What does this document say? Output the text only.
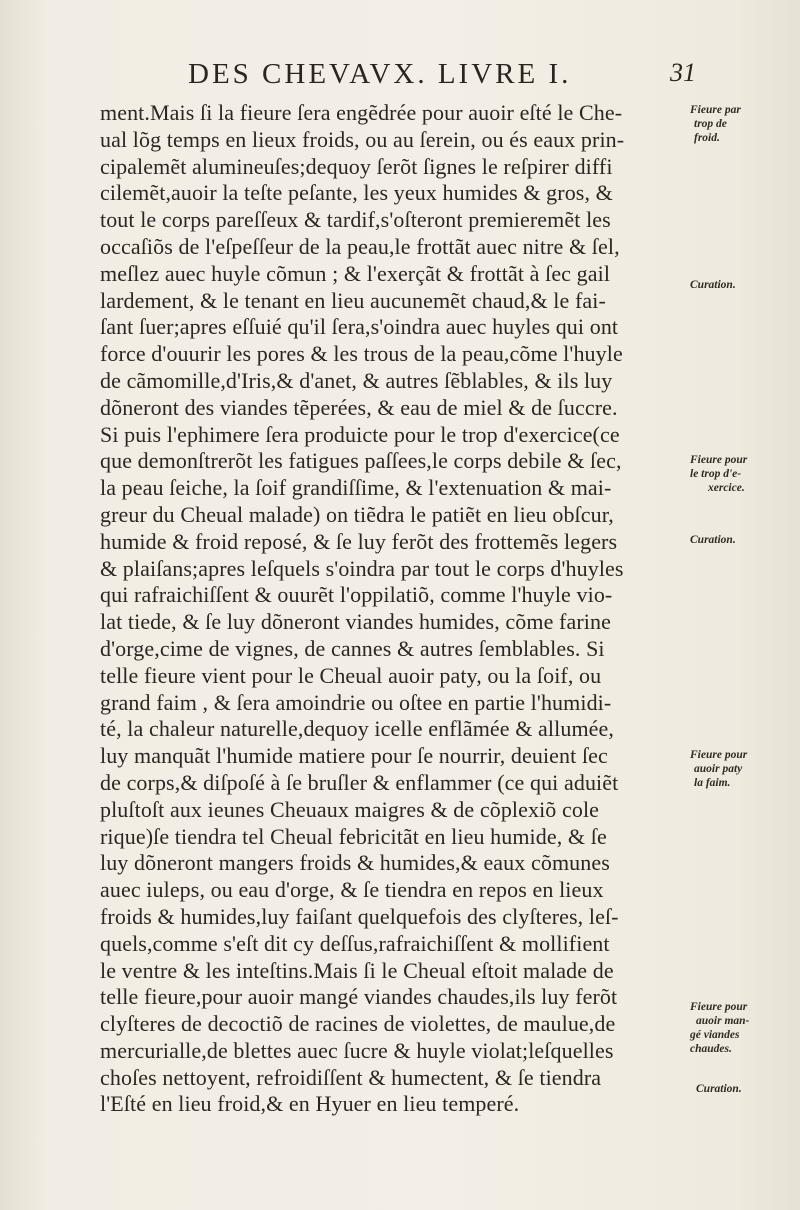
DES CHEVAVX. LIVRE I.	31
ment.Mais ſi la fieure ſera engẽdrée pour auoir eſté le Che-
ual lõg temps en lieux froids, ou au ſerein, ou és eaux prin-
cipalemẽt alumineuſes;dequoy ſerõt ſignes le reſpirer diffi
cilemẽt,auoir la teſte peſante, les yeux humides & gros, &
tout le corps pareſſeux & tardif,s'oſteront premieremẽt les
occaſiõs de l'eſpeſſeur de la peau,le frottãt auec nitre & ſel,
meſlez auec huyle cõmun ; & l'exerçãt & frottãt à ſec gail
lardement, & le tenant en lieu aucunemẽt chaud,& le fai-
ſant ſuer;apres eſſuié qu'il ſera,s'oindra auec huyles qui ont
force d'ouurir les pores & les trous de la peau,cõme l'huyle
de cãmomille,d'Iris,& d'anet, & autres ſẽblables, & ils luy
dõneront des viandes tẽperées, & eau de miel & de ſuccre.
Si puis l'ephimere ſera produicte pour le trop d'exercice(ce
que demonſtrerõt les fatigues paſſees,le corps debile & ſec,
la peau ſeiche, la ſoif grandiſſime, & l'extenuation & mai-
greur du Cheual malade) on tiẽdra le patiẽt en lieu obſcur,
humide & froid reposé, & ſe luy ferõt des frottemẽs legers
& plaiſans;apres leſquels s'oindra par tout le corps d'huyles
qui rafraichiſſent & ouurẽt l'oppilatiõ, comme l'huyle vio-
lat tiede, & ſe luy dõneront viandes humides, cõme farine
d'orge,cime de vignes, de cannes & autres ſemblables. Si
telle fieure vient pour le Cheual auoir paty, ou la ſoif, ou
grand faim , & ſera amoindrie ou oſtee en partie l'humidi-
té, la chaleur naturelle,dequoy icelle enflãmée & allumée,
luy manquãt l'humide matiere pour ſe nourrir, deuient ſec
de corps,& diſpoſé à ſe bruſler & enflammer (ce qui aduiẽt
pluſtoſt aux ieunes Cheuaux maigres & de cõplexiõ cole
rique)ſe tiendra tel Cheual febricitãt en lieu humide, & ſe
luy dõneront mangers froids & humides,& eaux cõmunes
auec iuleps, ou eau d'orge, & ſe tiendra en repos en lieux
froids & humides,luy faiſant quelquefois des clyſteres, leſ-
quels,comme s'eſt dit cy deſſus,rafraichiſſent & mollifient
le ventre & les inteſtins.Mais ſi le Cheual eſtoit malade de
telle fieure,pour auoir mangé viandes chaudes,ils luy ferõt
clyſteres de decoctiõ de racines de violettes, de maulue,de
mercurialle,de blettes auec ſucre & huyle violat;leſquelles
choſes nettoyent, refroidiſſent & humectent, & ſe tiendra
l'Eſté en lieu froid,& en Hyuer en lieu temperé.
Fieure par
trop de
froid.
Curation.
Fieure pour
le trop d'e-
xercice.
Curation.
Fieure pour
auoir paty
la faim.
Fieure pour
auoir man-
gé viandes
chaudes.
Curation.
